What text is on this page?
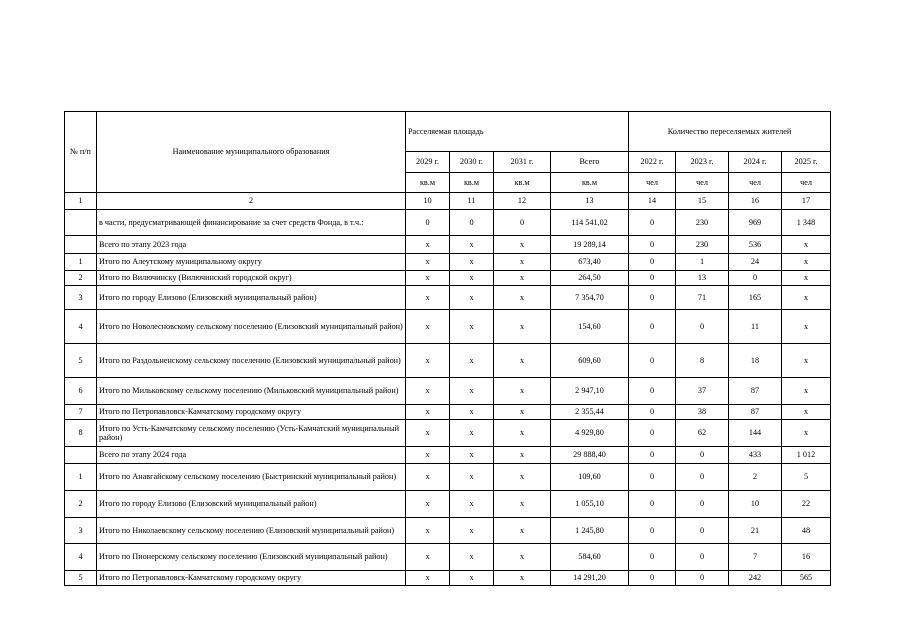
№ п/п	Наименование муниципального образования	Расселяемая площадь				Количество переселяемых жителей			
		2029 г.	2030 г.	2031 г.	Всего	2022 г.	2023 г.	2024 г.	2025 г.
		кв.м	кв.м	кв.м	кв.м	чел	чел	чел	чел
1	2	10	11	12	13	14	15	16	17
	в части, предусматривающей финансирование за счет средств Фонда, в т.ч.:	0	0	0	114 541,02	0	230	969	1 348
	Всего по этапу 2023 года	х	х	х	19 289,14	0	230	536	х
1	Итого по Алеутскому муниципальному округу	х	х	х	673,40	0	1	24	х
2	Итого по Вилючинску (Вилючинский городской округ)	х	х	х	264,50	0	13	0	х
3	Итого по городу Елизово (Елизовский муниципальный район)	х	х	х	7 354,70	0	71	165	х
4	Итого по Новолесновскому сельскому поселению (Елизовский муниципальный район)	х	х	х	154,60	0	0	11	х
5	Итого по Раздольненскому сельскому поселению (Елизовский муниципальный район)	х	х	х	609,60	0	8	18	х
6	Итого по Мильковскому сельскому поселению (Мильковский муниципальный район)	х	х	х	2 947,10	0	37	87	х
7	Итого по Петропавловск-Камчатскому городскому округу	х	х	х	2 355,44	0	38	87	х
8	Итого по Усть-Камчатскому сельскому поселению (Усть-Камчатский муниципальный район)	х	х	х	4 929,80	0	62	144	х
	Всего по этапу 2024 года	х	х	х	29 888,40	0	0	433	1 012
1	Итого по Анавгайскому сельскому поселению (Быстринский муниципальный район)	х	х	х	109,60	0	0	2	5
2	Итого по городу Елизово (Елизовский муниципальный район)	х	х	х	1 055,10	0	0	10	22
3	Итого по Николаевскому сельскому поселению (Елизовский муниципальный район)	х	х	х	1 245,80	0	0	21	48
4	Итого по Пионерскому сельскому поселению (Елизовский муниципальный район)	х	х	х	584,60	0	0	7	16
5	Итого по Петропавловск-Камчатскому городскому округу	х	х	х	14 291,20	0	0	242	565
